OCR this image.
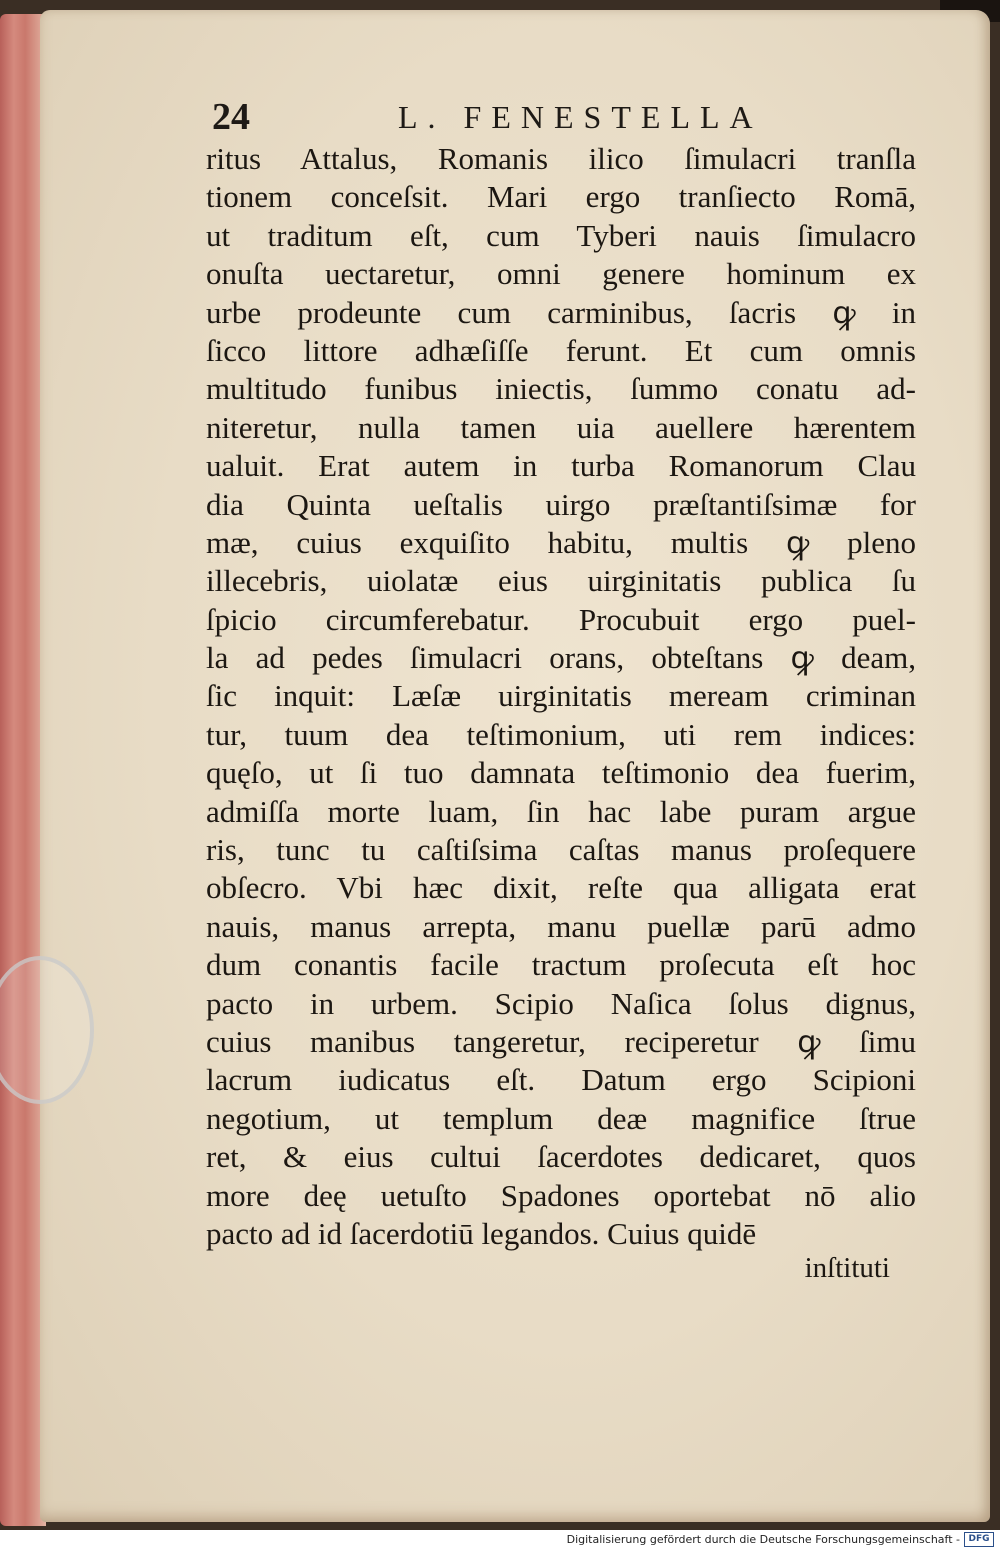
24	L. FENESTELLA
ritus Attalus, Romanis ilico ſimulacri tranſla
tionem conceſsit. Mari ergo tranſiecto Romā,
ut traditum eſt, cum Tyberi nauis ſimulacro
onuſta uectaretur, omni genere hominum ex
urbe prodeunte cum carminibus, ſacris ꝙ in
ſicco littore adhæſiſſe ferunt. Et cum omnis
multitudo funibus iniectis, ſummo conatu ad-
niteretur, nulla tamen uia auellere hærentem
ualuit. Erat autem in turba Romanorum Clau
dia Quinta ueſtalis uirgo præſtantiſsimæ for
mæ, cuius exquiſito habitu, multis ꝙ pleno
illecebris, uiolatæ eius uirginitatis publica ſu
ſpicio circumferebatur. Procubuit ergo puel-
la ad pedes ſimulacri orans, obteſtans ꝙ deam,
ſic inquit: Læſæ uirginitatis meream criminan
tur, tuum dea teſtimonium, uti rem indices:
quęſo, ut ſi tuo damnata teſtimonio dea fuerim,
admiſſa morte luam, ſin hac labe puram argue
ris, tunc tu caſtiſsima caſtas manus proſequere
obſecro. Vbi hæc dixit, reſte qua alligata erat
nauis, manus arrepta, manu puellæ parū admo
dum conantis facile tractum proſecuta eſt hoc
pacto in urbem. Scipio Naſica ſolus dignus,
cuius manibus tangeretur, reciperetur ꝙ ſimu
lacrum iudicatus eſt. Datum ergo Scipioni
negotium, ut templum deæ magnifice ſtrue
ret, & eius cultui ſacerdotes dedicaret, quos
more deę uetuſto Spadones oportebat nō alio
pacto ad id ſacerdotiū legandos. Cuius quidē
inſtituti
Digitalisierung gefördert durch die Deutsche Forschungsgemeinschaft - DFG
